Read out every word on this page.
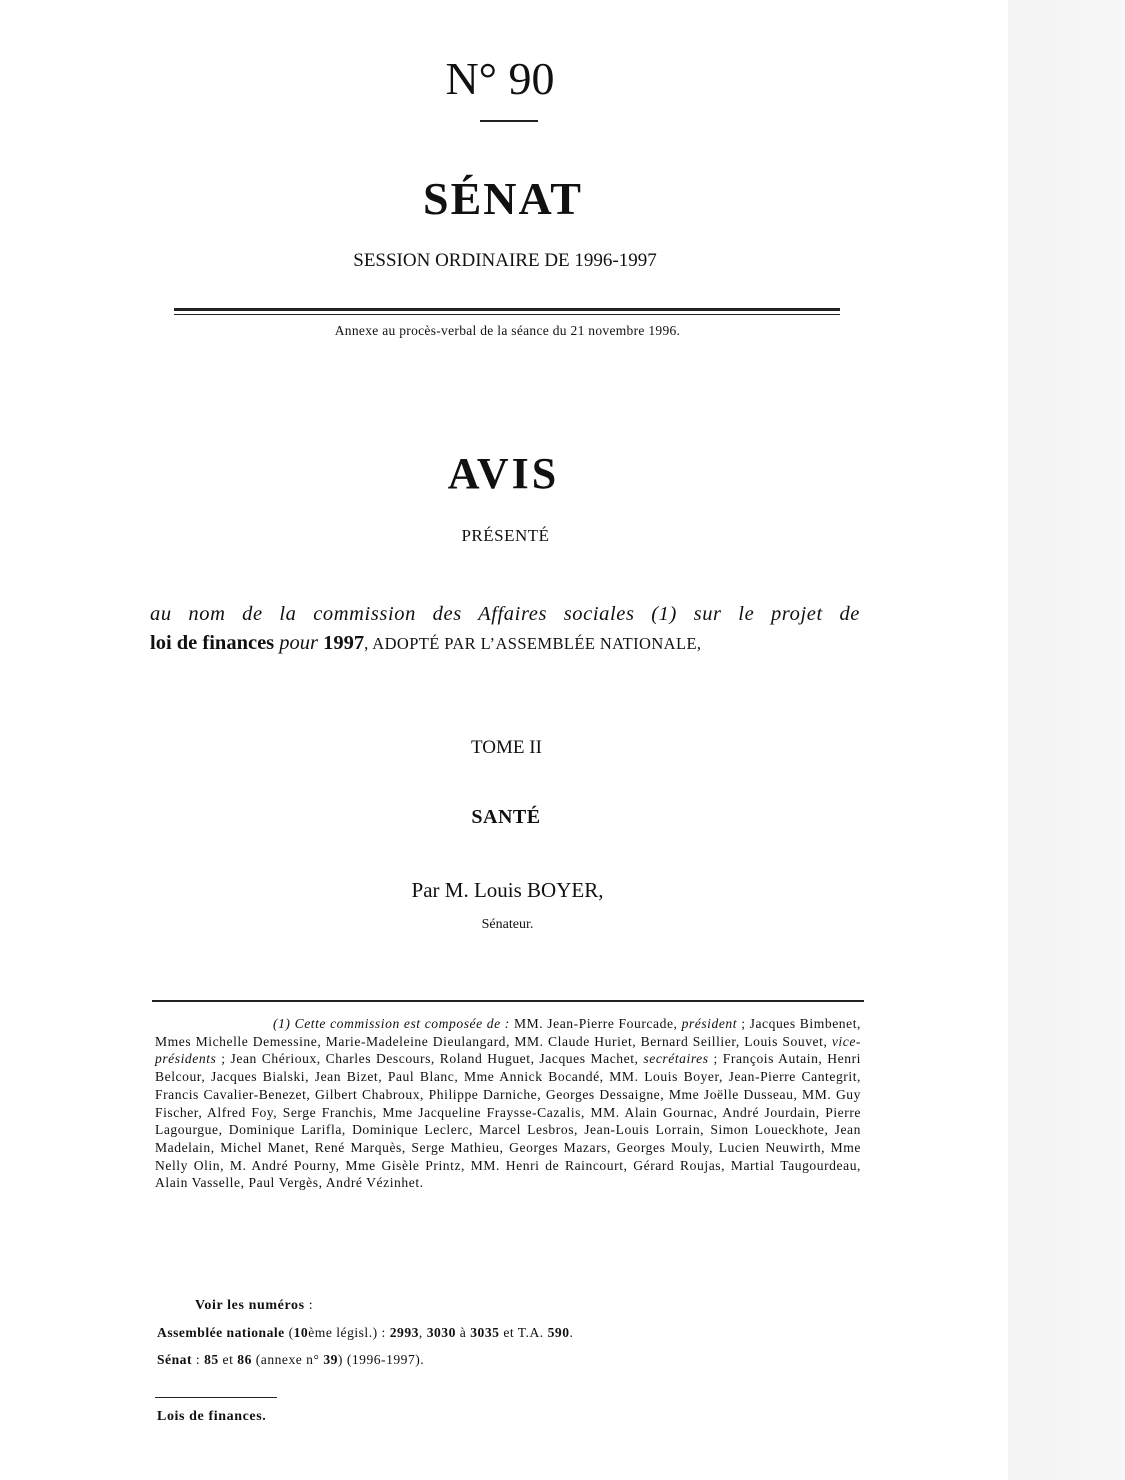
N° 90
SÉNAT
SESSION ORDINAIRE DE 1996-1997
Annexe au procès-verbal de la séance du 21 novembre 1996.
AVIS
PRÉSENTÉ
au nom de la commission des Affaires sociales (1) sur le projet de
loi de finances pour 1997, ADOPTÉ PAR L’ASSEMBLÉE NATIONALE,
TOME II
SANTÉ
Par M. Louis BOYER,
Sénateur.
(1) Cette commission est composée de : MM. Jean-Pierre Fourcade, président ; Jacques Bimbenet, Mmes Michelle Demessine, Marie-Madeleine Dieulangard, MM. Claude Huriet, Bernard Seillier, Louis Souvet, vice-présidents ; Jean Chérioux, Charles Descours, Roland Huguet, Jacques Machet, secrétaires ; François Autain, Henri Belcour, Jacques Bialski, Jean Bizet, Paul Blanc, Mme Annick Bocandé, MM. Louis Boyer, Jean-Pierre Cantegrit, Francis Cavalier-Benezet, Gilbert Chabroux, Philippe Darniche, Georges Dessaigne, Mme Joëlle Dusseau, MM. Guy Fischer, Alfred Foy, Serge Franchis, Mme Jacqueline Fraysse-Cazalis, MM. Alain Gournac, André Jourdain, Pierre Lagourgue, Dominique Larifla, Dominique Leclerc, Marcel Lesbros, Jean-Louis Lorrain, Simon Loueckhote, Jean Madelain, Michel Manet, René Marquès, Serge Mathieu, Georges Mazars, Georges Mouly, Lucien Neuwirth, Mme Nelly Olin, M. André Pourny, Mme Gisèle Printz, MM. Henri de Raincourt, Gérard Roujas, Martial Taugourdeau, Alain Vasselle, Paul Vergès, André Vézinhet.
Voir les numéros :
Assemblée nationale (10ème législ.) : 2993, 3030 à 3035 et T.A. 590.
Sénat : 85 et 86 (annexe n° 39) (1996-1997).
Lois de finances.
